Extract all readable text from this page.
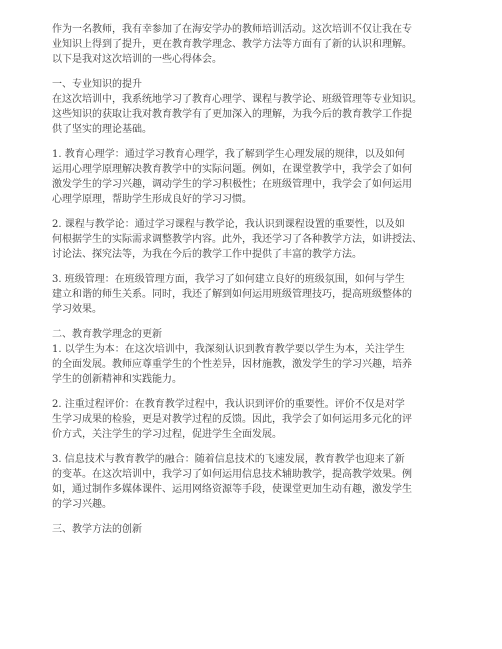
作为一名教师，我有幸参加了在海安学办的教师培训活动。这次培训不仅让我在专

业知识上得到了提升，更在教育教学理念、教学方法等方面有了新的认识和理解。

以下是我对这次培训的一些心得体会。

一、专业知识的提升

在这次培训中，我系统地学习了教育心理学、课程与教学论、班级管理等专业知识。

这些知识的获取让我对教育教学有了更加深入的理解，为我今后的教育教学工作提

供了坚实的理论基础。

1. 教育心理学：通过学习教育心理学，我了解到学生心理发展的规律，以及如何

运用心理学原理解决教育教学中的实际问题。例如，在课堂教学中，我学会了如何

激发学生的学习兴趣，调动学生的学习积极性；在班级管理中，我学会了如何运用

心理学原理，帮助学生形成良好的学习习惯。

2. 课程与教学论：通过学习课程与教学论，我认识到课程设置的重要性，以及如

何根据学生的实际需求调整教学内容。此外，我还学习了各种教学方法，如讲授法、

讨论法、探究法等，为我在今后的教学工作中提供了丰富的教学方法。

3. 班级管理：在班级管理方面，我学习了如何建立良好的班级氛围，如何与学生

建立和谐的师生关系。同时，我还了解到如何运用班级管理技巧，提高班级整体的

学习效果。

二、教育教学理念的更新

1. 以学生为本：在这次培训中，我深刻认识到教育教学要以学生为本，关注学生

的全面发展。教师应尊重学生的个性差异，因材施教，激发学生的学习兴趣，培养

学生的创新精神和实践能力。

2. 注重过程评价：在教育教学过程中，我认识到评价的重要性。评价不仅是对学

生学习成果的检验，更是对教学过程的反馈。因此，我学会了如何运用多元化的评

价方式，关注学生的学习过程，促进学生全面发展。

3. 信息技术与教育教学的融合：随着信息技术的飞速发展，教育教学也迎来了新

的变革。在这次培训中，我学习了如何运用信息技术辅助教学，提高教学效果。例

如，通过制作多媒体课件、运用网络资源等手段，使课堂更加生动有趣，激发学生

的学习兴趣。

三、教学方法的创新
